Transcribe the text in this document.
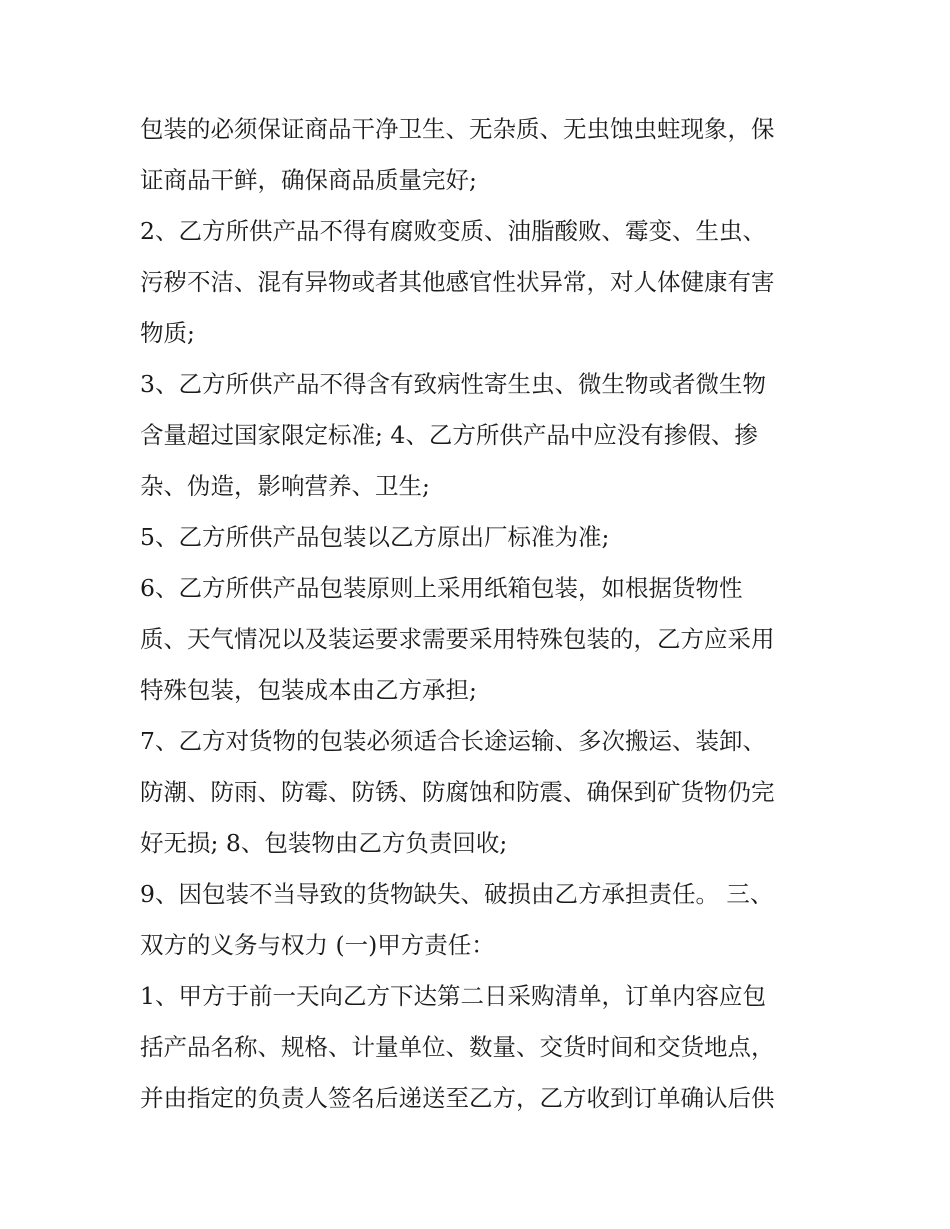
包装的必须保证商品干净卫生、无杂质、无虫蚀虫蛀现象，保
证商品干鲜，确保商品质量完好;
2、乙方所供产品不得有腐败变质、油脂酸败、霉变、生虫、
污秽不洁、混有异物或者其他感官性状异常，对人体健康有害
物质;
3、乙方所供产品不得含有致病性寄生虫、微生物或者微生物
含量超过国家限定标准; 4、乙方所供产品中应没有掺假、掺
杂、伪造，影响营养、卫生;
5、乙方所供产品包装以乙方原出厂标准为准;
6、乙方所供产品包装原则上采用纸箱包装，如根据货物性
质、天气情况以及装运要求需要采用特殊包装的，乙方应采用
特殊包装，包装成本由乙方承担;
7、乙方对货物的包装必须适合长途运输、多次搬运、装卸、
防潮、防雨、防霉、防锈、防腐蚀和防震、确保到矿货物仍完
好无损; 8、包装物由乙方负责回收;
9、因包装不当导致的货物缺失、破损由乙方承担责任。 三、
双方的义务与权力 (一)甲方责任：
1、甲方于前一天向乙方下达第二日采购清单，订单内容应包
括产品名称、规格、计量单位、数量、交货时间和交货地点，
并由指定的负责人签名后递送至乙方，乙方收到订单确认后供
